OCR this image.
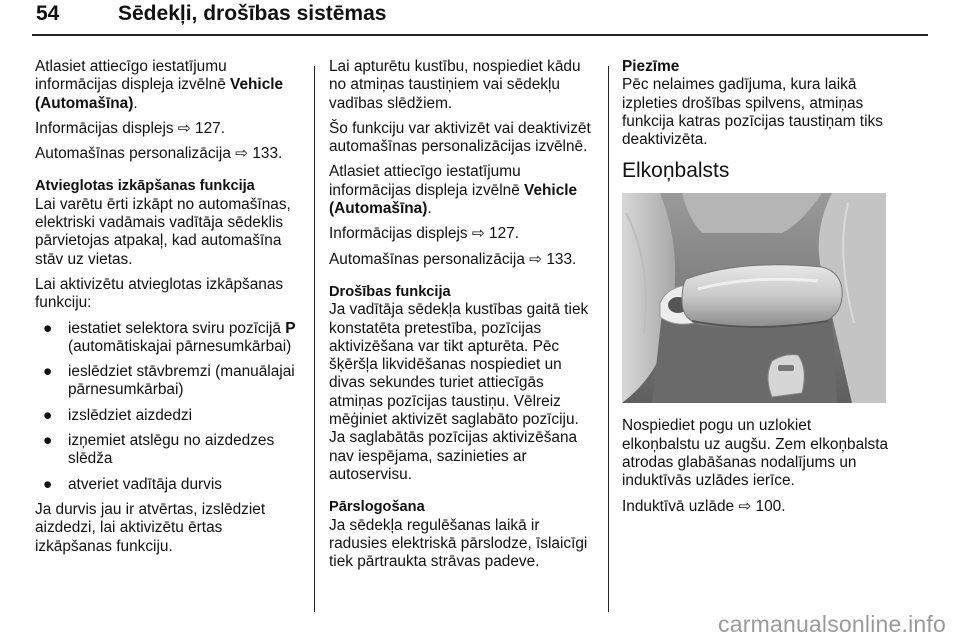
54	Sēdekļi, drošības sistēmas

Atlasiet attiecīgo iestatījumu informācijas displeja izvēlnē Vehicle (Automašīna).

Informācijas displejs ⇨ 127.

Automašīnas personalizācija ⇨ 133.

Atvieglotas izkāpšanas funkcija

Lai varētu ērti izkāpt no automašīnas, elektriski vadāmais vadītāja sēdeklis pārvietojas atpakaļ, kad automašīna stāv uz vietas.

Lai aktivizētu atvieglotas izkāpšanas funkciju:

● iestatiet selektora sviru pozīcijā P (automātiskajai pārnesumkārbai)
● ieslēdziet stāvbremzi (manuālajai pārnesumkārbai)
● izslēdziet aizdedzi
● izņemiet atslēgu no aizdedzes slēdža
● atveriet vadītāja durvis

Ja durvis jau ir atvērtas, izslēdziet aizdedzi, lai aktivizētu ērtas izkāpšanas funkciju.

Lai apturētu kustību, nospiediet kādu no atmiņas taustiņiem vai sēdekļu vadības slēdžiem.

Šo funkciju var aktivizēt vai deaktivizēt automašīnas personalizācijas izvēlnē.

Atlasiet attiecīgo iestatījumu informācijas displeja izvēlnē Vehicle (Automašīna).

Informācijas displejs ⇨ 127.

Automašīnas personalizācija ⇨ 133.

Drošības funkcija

Ja vadītāja sēdekļa kustības gaitā tiek konstatēta pretestība, pozīcijas aktivizēšana var tikt apturēta. Pēc šķēršļa likvidēšanas nospiediet un divas sekundes turiet attiecīgās atmiņas pozīcijas taustiņu. Vēlreiz mēģiniet aktivizēt saglabāto pozīciju. Ja saglabātās pozīcijas aktivizēšana nav iespējama, sazinieties ar autoservisu.

Pārslogošana

Ja sēdekļa regulēšanas laikā ir radusies elektriskā pārslodze, īslaicīgi tiek pārtraukta strāvas padeve.

Piezīme

Pēc nelaimes gadījuma, kura laikā izpleties drošības spilvens, atmiņas funkcija katras pozīcijas taustiņam tiks deaktivizēta.

Elkoņbalsts

Nospiediet pogu un uzlokiet elkoņbalstu uz augšu. Zem elkoņbalsta atrodas glabāšanas nodalījums un induktīvās uzlādes ierīce.

Induktīvā uzlāde ⇨ 100.

carmanualsonline.info
